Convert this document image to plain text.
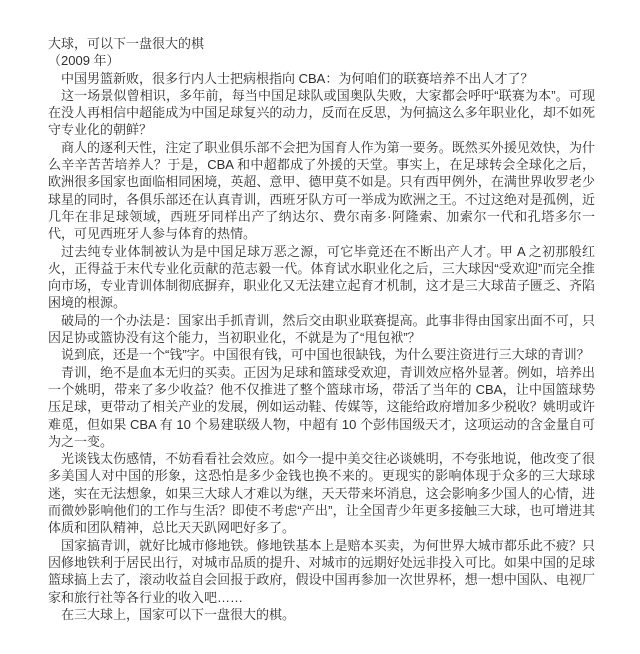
大球，可以下一盘很大的棋
（2009 年）

中国男篮新败，很多行内人士把病根指向 CBA：为何咱们的联赛培养不出人才了？

这一场景似曾相识，多年前，每当中国足球队或国奥队失败，大家都会呼吁“联赛为本”。可现在没人再相信中超能成为中国足球复兴的动力，反而在反思，为何搞这么多年职业化，却不如死守专业化的朝鲜？

商人的逐利天性，注定了职业俱乐部不会把为国育人作为第一要务。既然买外援见效快，为什么辛辛苦苦培养人？于是，CBA 和中超都成了外援的天堂。事实上，在足球转会全球化之后，欧洲很多国家也面临相同困境，英超、意甲、德甲莫不如是。只有西甲例外，在满世界收罗老少球星的同时，各俱乐部还在认真青训，西班牙队方可一举成为欧洲之王。不过这绝对是孤例，近几年在非足球领域，西班牙同样出产了纳达尔、费尔南多·阿隆索、加索尔一代和孔塔多尔一代，可见西班牙人参与体育的热情。

过去纯专业体制被认为是中国足球万恶之源，可它毕竟还在不断出产人才。甲 A 之初那般红火，正得益于末代专业化贡献的范志毅一代。体育试水职业化之后，三大球因“受欢迎”而完全推向市场，专业青训体制彻底摒弃，职业化又无法建立起育才机制，这才是三大球苗子匮乏、齐陷困境的根源。

破局的一个办法是：国家出手抓青训，然后交由职业联赛提高。此事非得由国家出面不可，只因足协或篮协没有这个能力，当初职业化，不就是为了“甩包袱”？

说到底，还是一个“钱”字。中国很有钱，可中国也很缺钱，为什么要注资进行三大球的青训？

青训，绝不是血本无归的买卖。正因为足球和篮球受欢迎，青训效应格外显著。例如，培养出一个姚明，带来了多少收益？他不仅推进了整个篮球市场，带活了当年的 CBA，让中国篮球势压足球，更带动了相关产业的发展，例如运动鞋、传媒等，这能给政府增加多少税收？姚明或许难觅，但如果 CBA 有 10 个易建联级人物，中超有 10 个彭伟国级天才，这项运动的含金量自可为之一变。

光谈钱太伤感情，不妨看看社会效应。如今一提中美交往必谈姚明，不夸张地说，他改变了很多美国人对中国的形象，这恐怕是多少金钱也换不来的。更现实的影响体现于众多的三大球球迷，实在无法想象，如果三大球人才难以为继，天天带来坏消息，这会影响多少国人的心情，进而微妙影响他们的工作与生活？即使不考虑“产出”，让全国青少年更多接触三大球，也可增进其体质和团队精神，总比天天趴网吧好多了。

国家搞青训，就好比城市修地铁。修地铁基本上是赔本买卖，为何世界大城市都乐此不疲？只因修地铁利于居民出行，对城市品质的提升、对城市的远期好处远非投入可比。如果中国的足球篮球搞上去了，滚动收益自会回报于政府，假设中国再参加一次世界杯，想一想中国队、电视厂家和旅行社等各行业的收入吧……

在三大球上，国家可以下一盘很大的棋。
